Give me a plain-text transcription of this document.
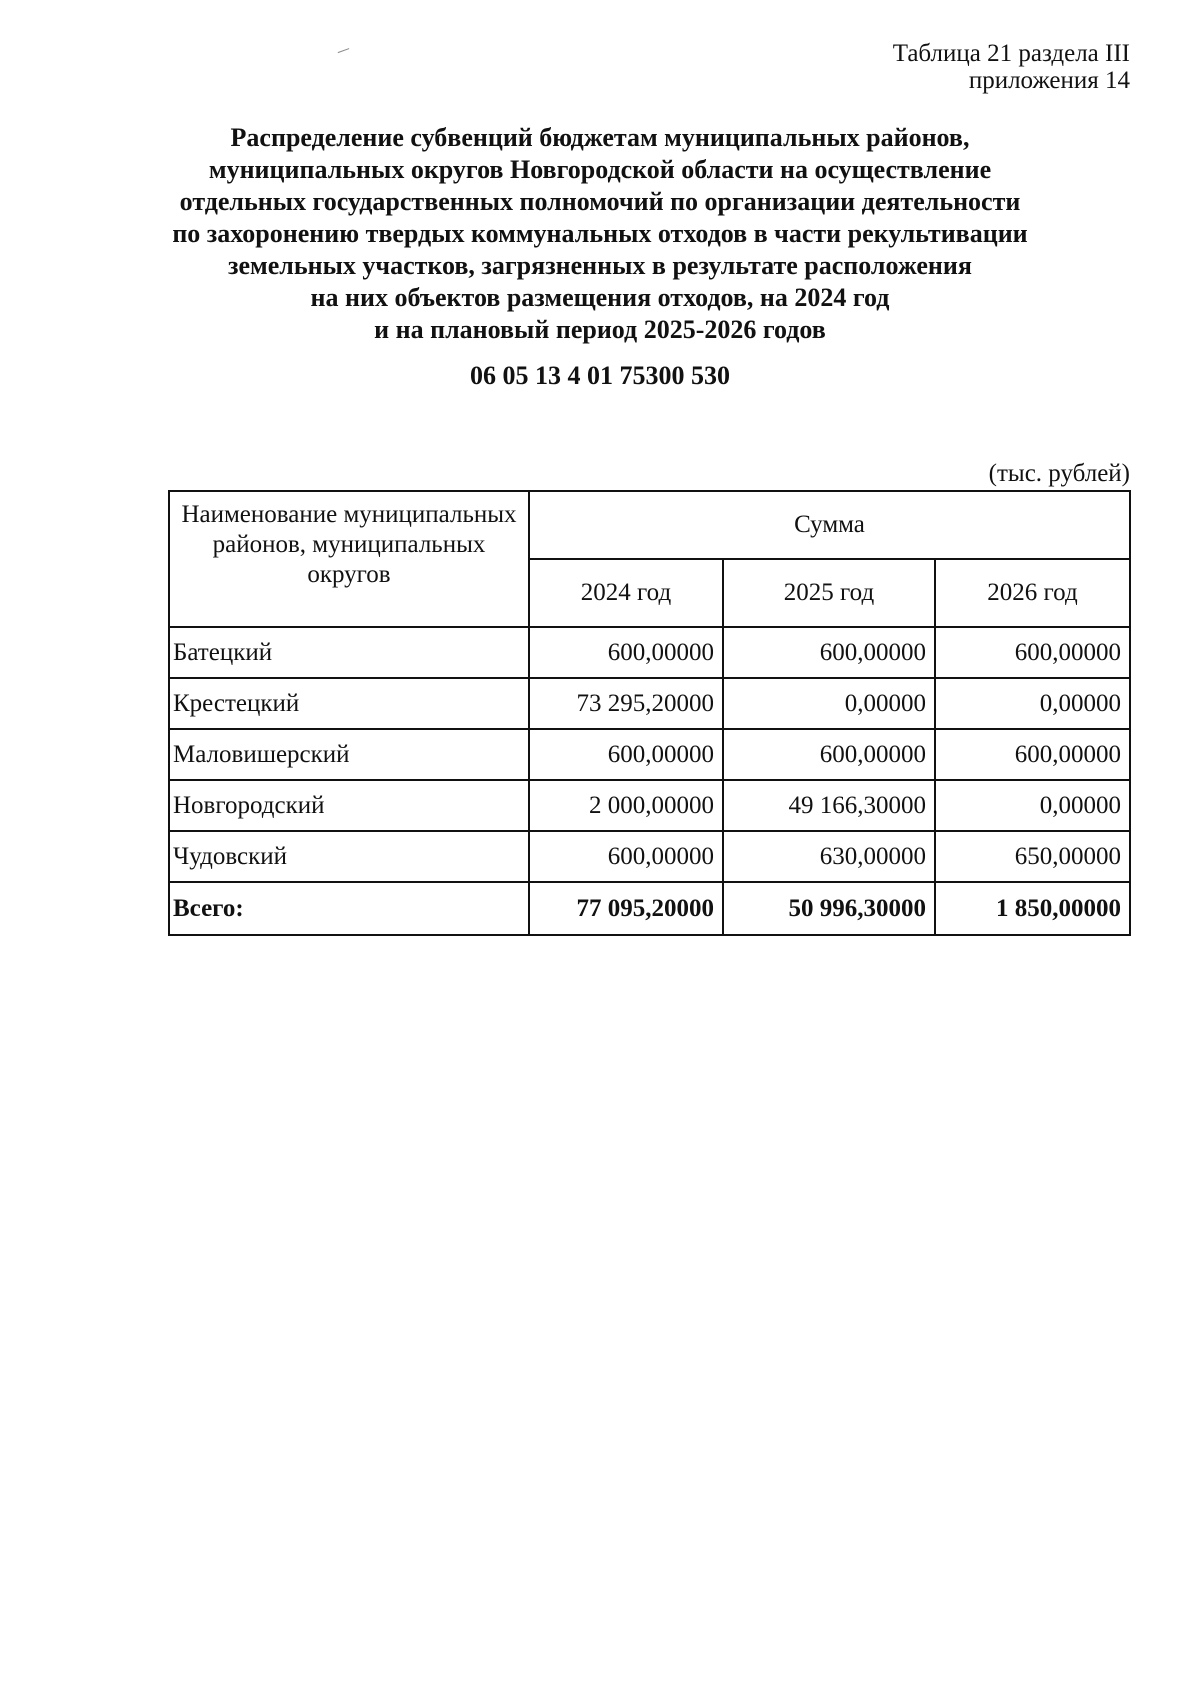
Таблица 21 раздела III
приложения 14
Распределение субвенций бюджетам муниципальных районов,
муниципальных округов Новгородской области на осуществление
отдельных государственных полномочий по организации деятельности
по захоронению твердых коммунальных отходов в части рекультивации
земельных участков, загрязненных в результате расположения
на них объектов размещения отходов, на 2024 год
и на плановый период 2025-2026 годов
06 05 13 4 01 75300 530
(тыс. рублей)
Наименование муниципальных районов, муниципальных округов	Сумма		
	2024 год	2025 год	2026 год
Батецкий	600,00000	600,00000	600,00000
Крестецкий	73 295,20000	0,00000	0,00000
Маловишерский	600,00000	600,00000	600,00000
Новгородский	2 000,00000	49 166,30000	0,00000
Чудовский	600,00000	630,00000	650,00000
Всего:	77 095,20000	50 996,30000	1 850,00000
